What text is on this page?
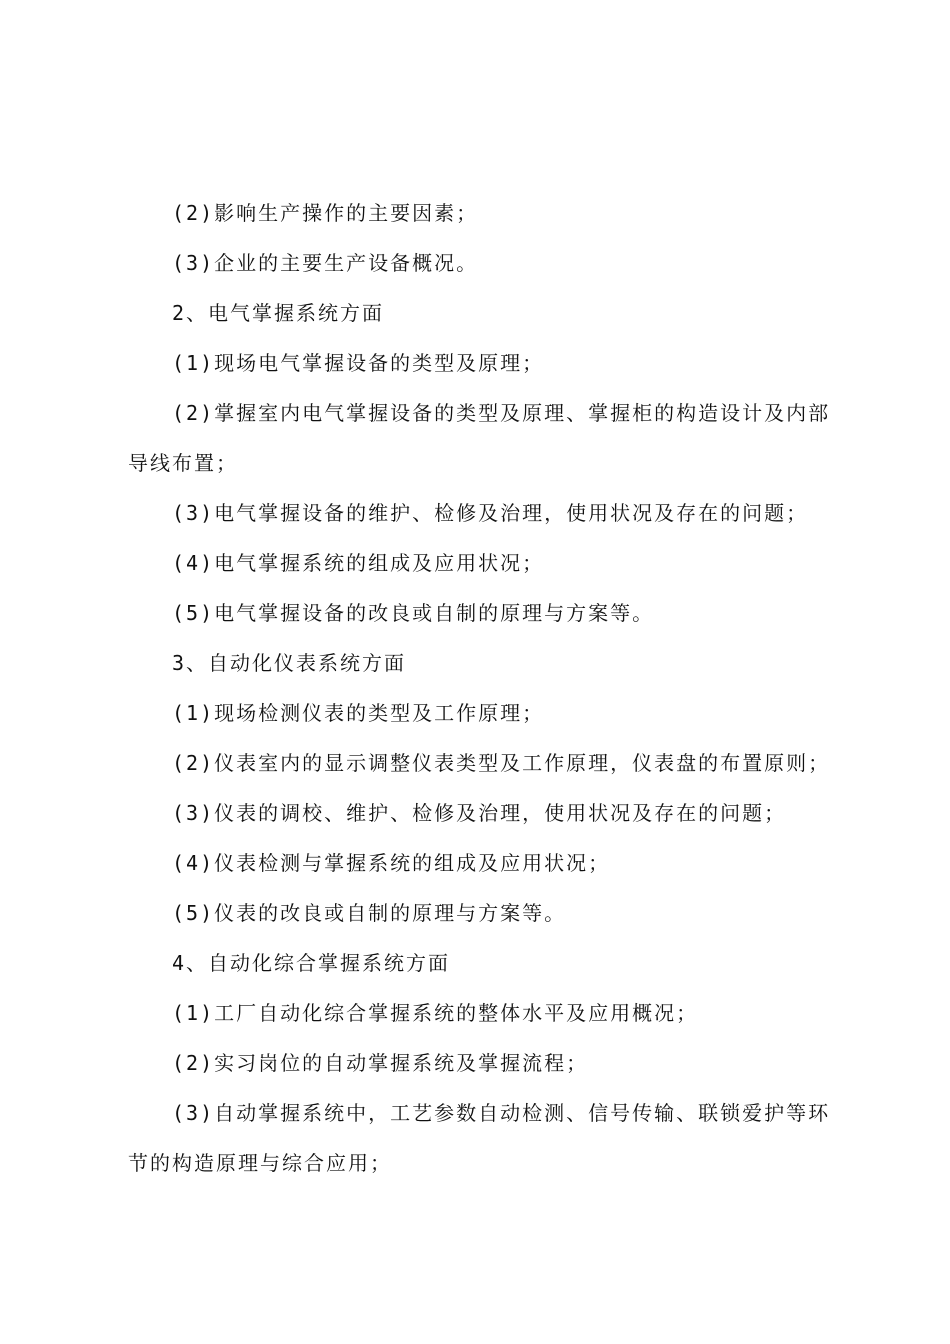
(2)影响生产操作的主要因素；

(3)企业的主要生产设备概况。

2、电气掌握系统方面

(1)现场电气掌握设备的类型及原理；

(2)掌握室内电气掌握设备的类型及原理、掌握柜的构造设计及内部导线布置；

(3)电气掌握设备的维护、检修及治理，使用状况及存在的问题；

(4)电气掌握系统的组成及应用状况；

(5)电气掌握设备的改良或自制的原理与方案等。

3、自动化仪表系统方面

(1)现场检测仪表的类型及工作原理；

(2)仪表室内的显示调整仪表类型及工作原理，仪表盘的布置原则；

(3)仪表的调校、维护、检修及治理，使用状况及存在的问题；

(4)仪表检测与掌握系统的组成及应用状况；

(5)仪表的改良或自制的原理与方案等。

4、自动化综合掌握系统方面

(1)工厂自动化综合掌握系统的整体水平及应用概况；

(2)实习岗位的自动掌握系统及掌握流程；

(3)自动掌握系统中，工艺参数自动检测、信号传输、联锁爱护等环节的构造原理与综合应用；
